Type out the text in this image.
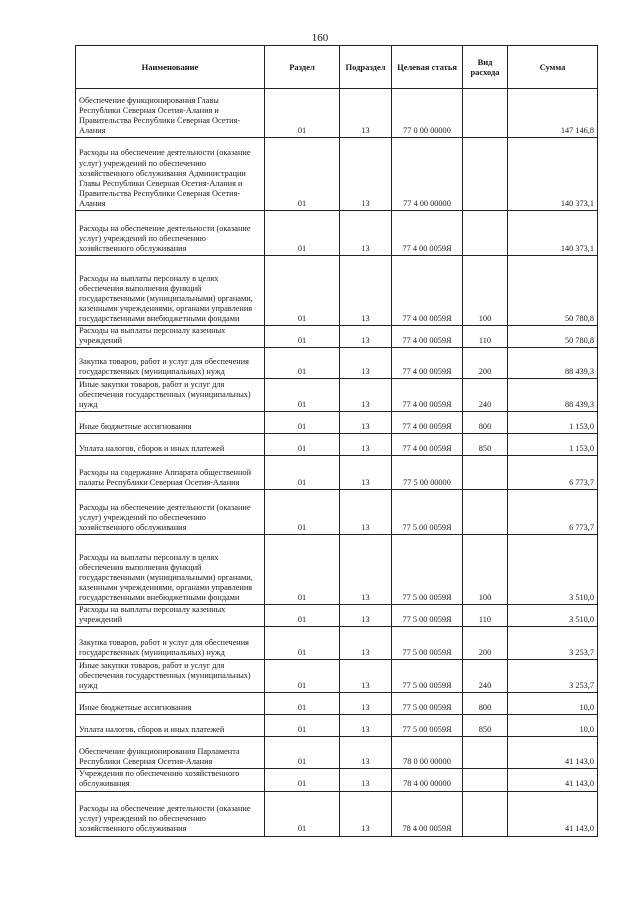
160
Наименование	Раздел	Подраздел	Целевая статья	Вид расхода	Сумма
Обеспечение функционирования Главы Республики Северная Осетия-Алания и Правительства Республики Северная Осетия-Алания	01	13	77 0 00 00000		147 146,8
Расходы на обеспечение деятельности (оказание услуг) учреждений по обеспечению хозяйственного обслуживания Администрации Главы Республики Северная Осетия-Алания и Правительства Республики Северная Осетия-Алания	01	13	77 4 00 00000		140 373,1
Расходы на обеспечение деятельности (оказание услуг) учреждений по обеспечению хозяйственного обслуживания	01	13	77 4 00 0059Я		140 373,1
Расходы на выплаты персоналу в целях обеспечения выполнения функций государственными (муниципальными) органами, казенными учреждениями, органами управления государственными внебюджетными фондами	01	13	77 4 00 0059Я	100	50 780,8
Расходы на выплаты персоналу казенных учреждений	01	13	77 4 00 0059Я	110	50 780,8
Закупка товаров, работ и услуг для обеспечения государственных (муниципальных) нужд	01	13	77 4 00 0059Я	200	88 439,3
Иные закупки товаров, работ и услуг для обеспечения государственных (муниципальных) нужд	01	13	77 4 00 0059Я	240	88 439,3
Иные бюджетные ассигнования	01	13	77 4 00 0059Я	800	1 153,0
Уплата налогов, сборов и иных платежей	01	13	77 4 00 0059Я	850	1 153,0
Расходы на содержание Аппарата общественной палаты Республики Северная Осетия-Алания	01	13	77 5 00 00000		6 773,7
Расходы на обеспечение деятельности (оказание услуг) учреждений по обеспечению хозяйственного обслуживания	01	13	77 5 00 0059Я		6 773,7
Расходы на выплаты персоналу в целях обеспечения выполнения функций государственными (муниципальными) органами, казенными учреждениями, органами управления государственными внебюджетными фондами	01	13	77 5 00 0059Я	100	3 510,0
Расходы на выплаты персоналу казенных учреждений	01	13	77 5 00 0059Я	110	3 510,0
Закупка товаров, работ и услуг для обеспечения государственных (муниципальных) нужд	01	13	77 5 00 0059Я	200	3 253,7
Иные закупки товаров, работ и услуг для обеспечения государственных (муниципальных) нужд	01	13	77 5 00 0059Я	240	3 253,7
Иные бюджетные ассигнования	01	13	77 5 00 0059Я	800	10,0
Уплата налогов, сборов и иных платежей	01	13	77 5 00 0059Я	850	10,0
Обеспечение функционирования Парламента Республики Северная Осетия-Алания	01	13	78 0 00 00000		41 143,0
Учреждения по обеспечению хозяйственного обслуживания	01	13	78 4 00 00000		41 143,0
Расходы на обеспечение деятельности (оказание услуг) учреждений по обеспечению хозяйственного обслуживания	01	13	78 4 00 0059Я		41 143,0
